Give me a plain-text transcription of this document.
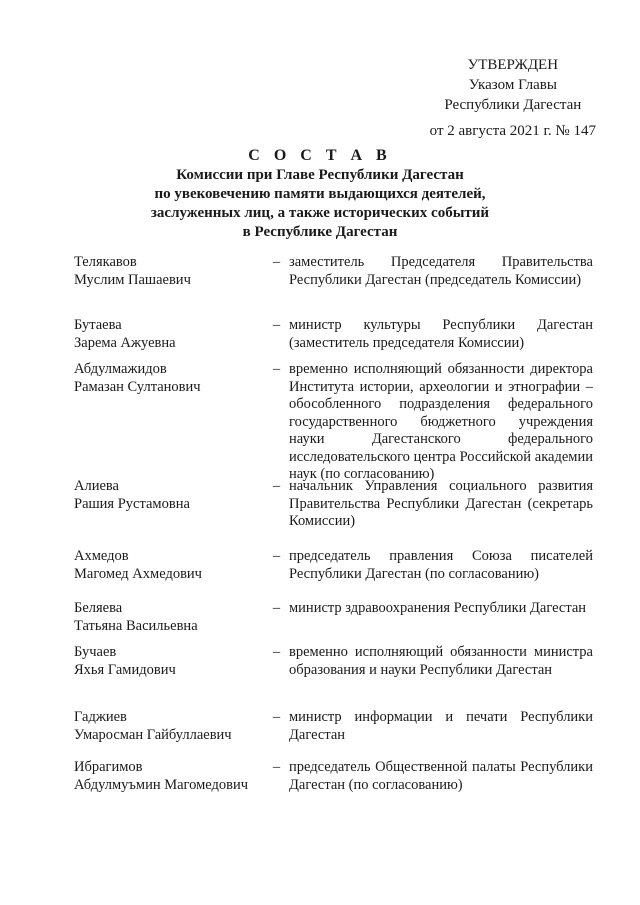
УТВЕРЖДЕН
Указом Главы
Республики Дагестан
от 2 августа 2021 г. № 147
С О С Т А В
Комиссии при Главе Республики Дагестан
по увековечению памяти выдающихся деятелей,
заслуженных лиц, а также исторических событий
в Республике Дагестан
Телякавов
Муслим Пашаевич
– заместитель Председателя Правительства Республики Дагестан (председатель Комиссии)
Бутаева
Зарема Ажуевна
– министр культуры Республики Дагестан (заместитель председателя Комиссии)
Абдулмажидов
Рамазан Султанович
– временно исполняющий обязанности директора Института истории, археологии и этнографии – обособленного подразделения федерального государственного бюджетного учреждения науки Дагестанского федерального исследовательского центра Российской академии наук (по согласованию)
Алиева
Рашия Рустамовна
– начальник Управления социального развития Правительства Республики Дагестан (секретарь Комиссии)
Ахмедов
Магомед Ахмедович
– председатель правления Союза писателей Республики Дагестан (по согласованию)
Беляева
Татьяна Васильевна
– министр здравоохранения Республики Дагестан
Бучаев
Яхья Гамидович
– временно исполняющий обязанности министра образования и науки Республики Дагестан
Гаджиев
Умаросман Гайбуллаевич
– министр информации и печати Республики Дагестан
Ибрагимов
Абдулмуъмин Магомедович
– председатель Общественной палаты Республики Дагестан (по согласованию)
